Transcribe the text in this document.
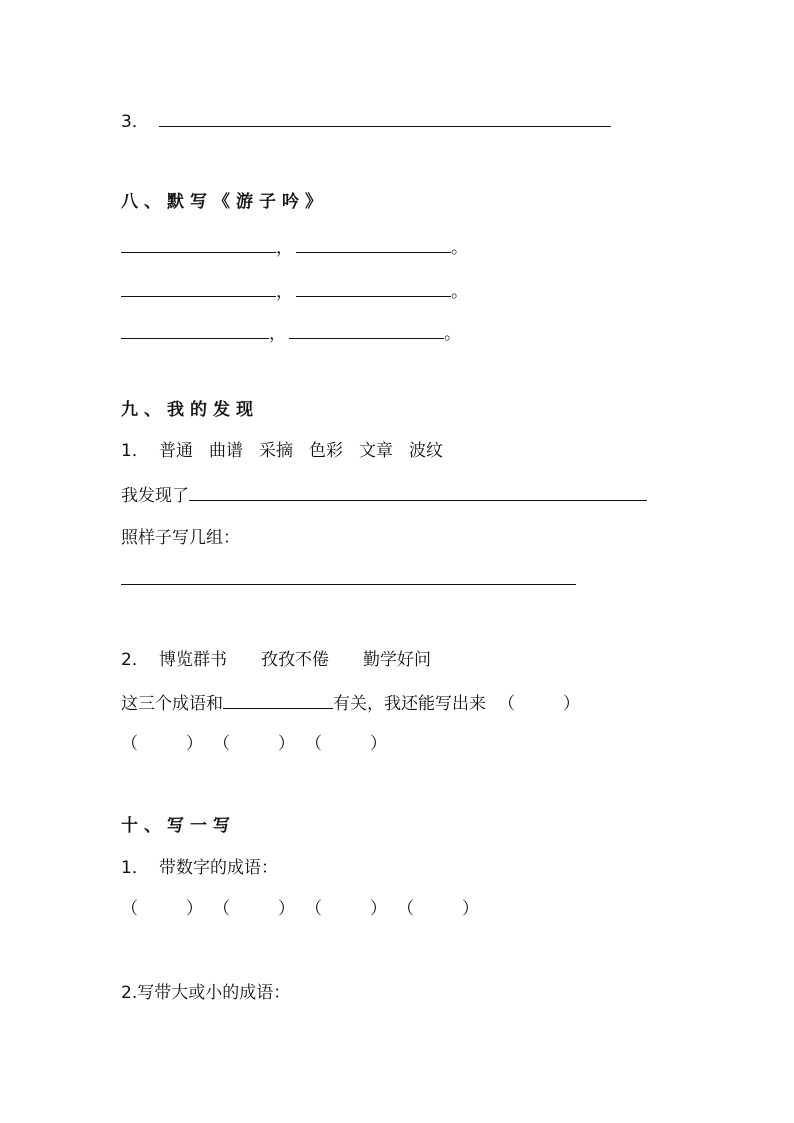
3．
八、默写《游子吟》
，	。
，	。
，	。
九、我的发现
1． 普通 曲谱 采摘 色彩 文章 波纹
我发现了
照样子写几组：
2． 博览群书 孜孜不倦 勤学好问
这三个成语和	有关，我还能写出来 （	）
（	） （	） （	）
十、写一写
1． 带数字的成语：
（	） （	） （	） （	）
2.写带大或小的成语：
